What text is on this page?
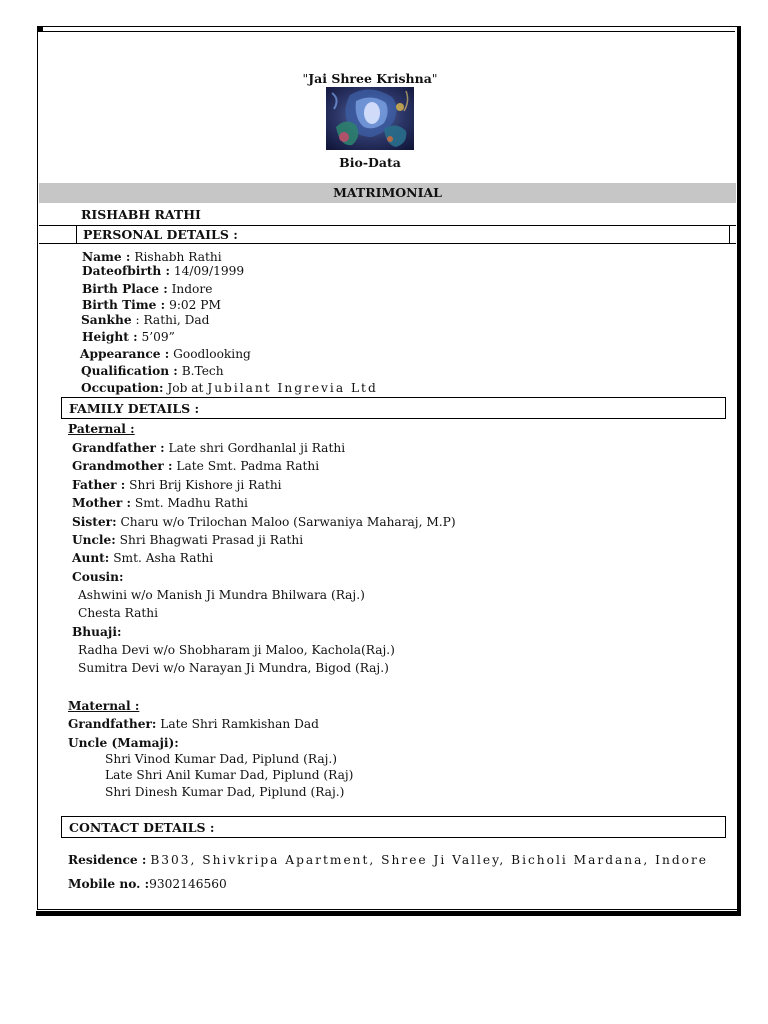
"Jai Shree Krishna"
Bio-Data
MATRIMONIAL
RISHABH RATHI
PERSONAL DETAILS :
Name : Rishabh Rathi
Dateofbirth : 14/09/1999
Birth Place : Indore
Birth Time : 9:02 PM
Sankhe : Rathi, Dad
Height : 5’09”
Appearance : Goodlooking
Qualification : B.Tech
Occupation: Job at Jubilant Ingrevia Ltd
FAMILY DETAILS :
Paternal :
Grandfather : Late shri Gordhanlal ji Rathi
Grandmother : Late Smt. Padma Rathi
Father : Shri Brij Kishore ji Rathi
Mother : Smt. Madhu Rathi
Sister: Charu w/o Trilochan Maloo (Sarwaniya Maharaj, M.P)
Uncle: Shri Bhagwati Prasad ji Rathi
Aunt: Smt. Asha Rathi
Cousin:
Ashwini w/o Manish Ji Mundra Bhilwara (Raj.)
Chesta Rathi
Bhuaji:
Radha Devi w/o Shobharam ji Maloo, Kachola(Raj.)
Sumitra Devi w/o Narayan Ji Mundra, Bigod (Raj.)
Maternal :
Grandfather: Late Shri Ramkishan Dad
Uncle (Mamaji):
Shri Vinod Kumar Dad, Piplund (Raj.)
Late Shri Anil Kumar Dad, Piplund (Raj)
Shri Dinesh Kumar Dad, Piplund (Raj.)
CONTACT DETAILS :
Residence : B303, Shivkripa Apartment, Shree Ji Valley, Bicholi Mardana, Indore
Mobile no. :9302146560
